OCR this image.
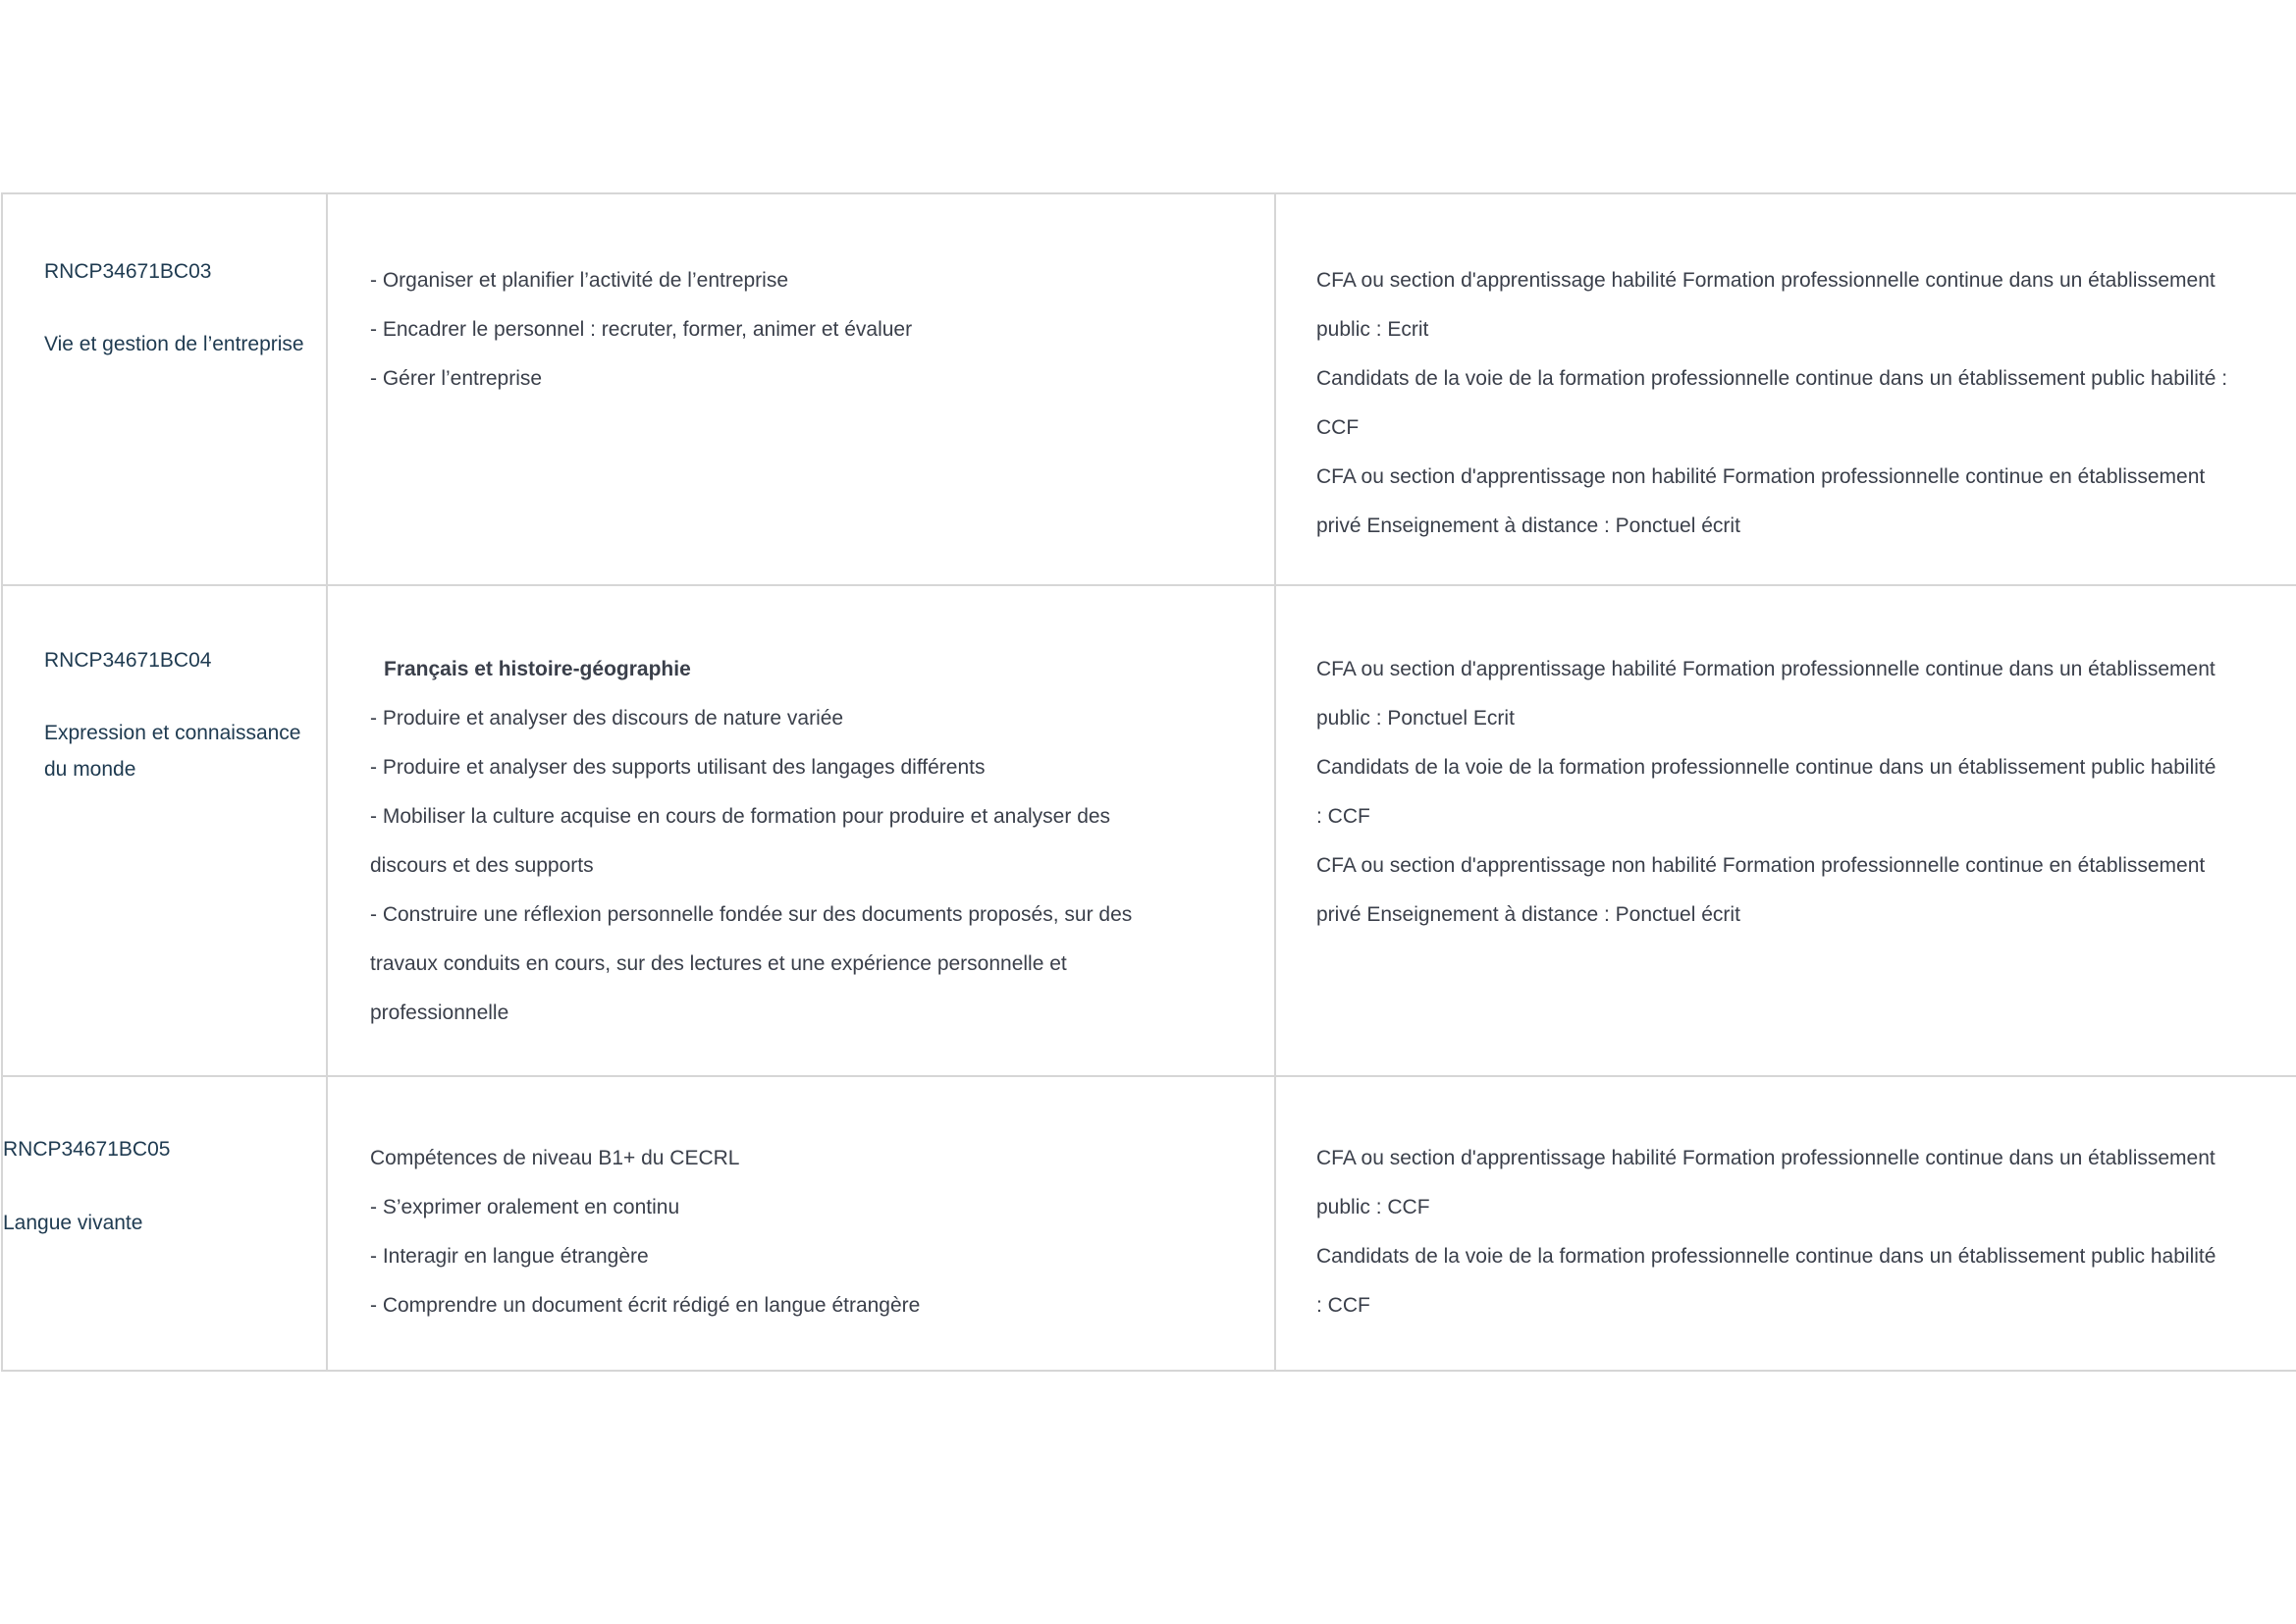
RNCP34671BC03
Vie et gestion de l’entreprise
- Organiser et planifier l’activité de l’entreprise
- Encadrer le personnel : recruter, former, animer et évaluer
- Gérer l’entreprise
CFA ou section d'apprentissage habilité Formation professionnelle continue dans un établissement
public : Ecrit
Candidats de la voie de la formation professionnelle continue dans un établissement public habilité :
CCF
CFA ou section d'apprentissage non habilité Formation professionnelle continue en établissement
privé Enseignement à distance : Ponctuel écrit
RNCP34671BC04
Expression et connaissance du monde
Français et histoire-géographie
- Produire et analyser des discours de nature variée
- Produire et analyser des supports utilisant des langages différents
- Mobiliser la culture acquise en cours de formation pour produire et analyser des
discours et des supports
- Construire une réflexion personnelle fondée sur des documents proposés, sur des
travaux conduits en cours, sur des lectures et une expérience personnelle et
professionnelle
CFA ou section d'apprentissage habilité Formation professionnelle continue dans un établissement
public : Ponctuel Ecrit
Candidats de la voie de la formation professionnelle continue dans un établissement public habilité
: CCF
CFA ou section d'apprentissage non habilité Formation professionnelle continue en établissement
privé Enseignement à distance : Ponctuel écrit
RNCP34671BC05
Langue vivante
Compétences de niveau B1+ du CECRL
- S’exprimer oralement en continu
- Interagir en langue étrangère
- Comprendre un document écrit rédigé en langue étrangère
CFA ou section d'apprentissage habilité Formation professionnelle continue dans un établissement
public : CCF
Candidats de la voie de la formation professionnelle continue dans un établissement public habilité
: CCF
